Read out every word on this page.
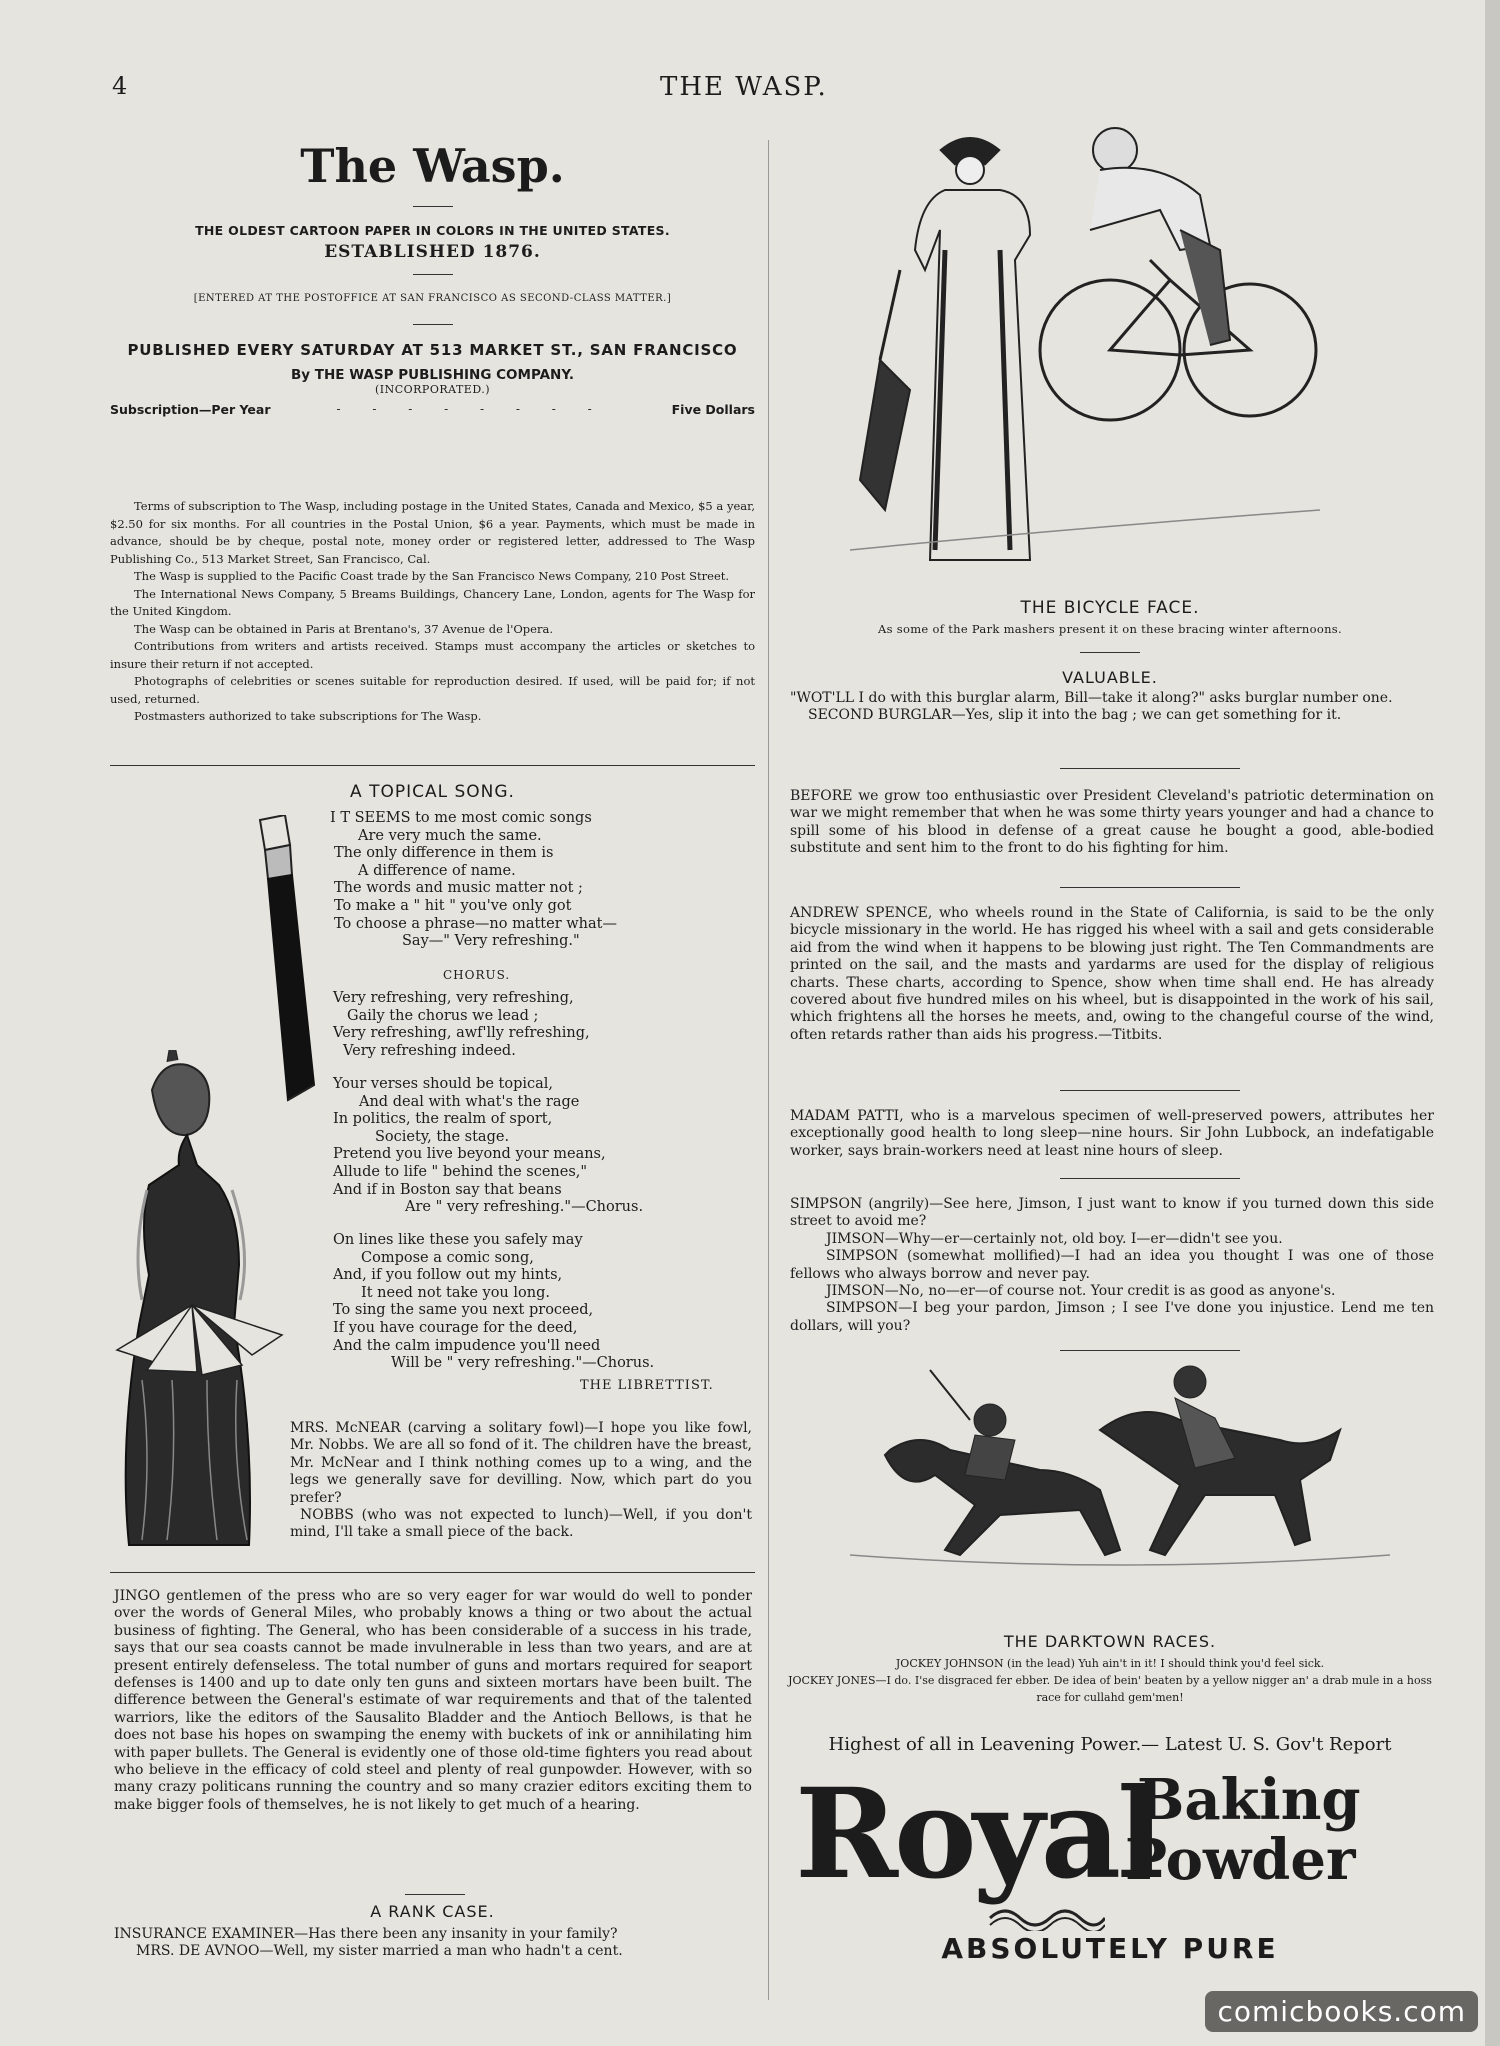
4	THE WASP.
The Wasp.
THE OLDEST CARTOON PAPER IN COLORS IN THE UNITED STATES.
ESTABLISHED 1876.
[ENTERED AT THE POSTOFFICE AT SAN FRANCISCO AS SECOND-CLASS MATTER.]
PUBLISHED EVERY SATURDAY AT 513 MARKET ST., SAN FRANCISCO
By THE WASP PUBLISHING COMPANY.
(INCORPORATED.)
Subscription—Per Year	- - - - - - - -	Five Dollars

Terms of subscription to The Wasp, including postage in the United States, Canada and Mexico, $5 a year, $2.50 for six months. For all countries in the Postal Union, $6 a year. Payments, which must be made in advance, should be by cheque, postal note, money order or registered letter, addressed to The Wasp Publishing Co., 513 Market Street, San Francisco, Cal.

The Wasp is supplied to the Pacific Coast trade by the San Francisco News Company, 210 Post Street.

The International News Company, 5 Breams Buildings, Chancery Lane, London, agents for The Wasp for the United Kingdom.

The Wasp can be obtained in Paris at Brentano's, 37 Avenue de l'Opera.

Contributions from writers and artists received. Stamps must accompany the articles or sketches to insure their return if not accepted.

Photographs of celebrities or scenes suitable for reproduction desired. If used, will be paid for; if not used, returned.

Postmasters authorized to take subscriptions for The Wasp.

A TOPICAL SONG.
I T SEEMS to me most comic songs
Are very much the same.
The only difference in them is
A difference of name.
The words and music matter not ;
To make a " hit " you've only got
To choose a phrase—no matter what—
Say—" Very refreshing."
CHORUS.
Very refreshing, very refreshing,
Gaily the chorus we lead ;
Very refreshing, awf'lly refreshing,
Very refreshing indeed.
Your verses should be topical,
And deal with what's the rage
In politics, the realm of sport,
Society, the stage.
Pretend you live beyond your means,
Allude to life " behind the scenes,"
And if in Boston say that beans
Are " very refreshing."—Chorus.
On lines like these you safely may
Compose a comic song,
And, if you follow out my hints,
It need not take you long.
To sing the same you next proceed,
If you have courage for the deed,
And the calm impudence you'll need
Will be " very refreshing."—Chorus.
THE LIBRETTIST.

MRS. McNEAR (carving a solitary fowl)—I hope you like fowl, Mr. Nobbs. We are all so fond of it. The children have the breast, Mr. McNear and I think nothing comes up to a wing, and the legs we generally save for devilling. Now, which part do you prefer?

NOBBS (who was not expected to lunch)—Well, if you don't mind, I'll take a small piece of the back.

JINGO gentlemen of the press who are so very eager for war would do well to ponder over the words of General Miles, who probably knows a thing or two about the actual business of fighting. The General, who has been considerable of a success in his trade, says that our sea coasts cannot be made invulnerable in less than two years, and are at present entirely defenseless. The total number of guns and mortars required for seaport defenses is 1400 and up to date only ten guns and sixteen mortars have been built. The difference between the General's estimate of war requirements and that of the talented warriors, like the editors of the Sausalito Bladder and the Antioch Bellows, is that he does not base his hopes on swamping the enemy with buckets of ink or annihilating him with paper bullets. The General is evidently one of those old-time fighters you read about who believe in the efficacy of cold steel and plenty of real gunpowder. However, with so many crazy politicans running the country and so many crazier editors exciting them to make bigger fools of themselves, he is not likely to get much of a hearing.

A RANK CASE.

INSURANCE EXAMINER—Has there been any insanity in your family?

MRS. DE AVNOO—Well, my sister married a man who hadn't a cent.

THE BICYCLE FACE.
As some of the Park mashers present it on these bracing winter afternoons.
VALUABLE.

"WOT'LL I do with this burglar alarm, Bill—take it along?" asks burglar number one.

SECOND BURGLAR—Yes, slip it into the bag ; we can get something for it.

BEFORE we grow too enthusiastic over President Cleveland's patriotic determination on war we might remember that when he was some thirty years younger and had a chance to spill some of his blood in defense of a great cause he bought a good, able-bodied substitute and sent him to the front to do his fighting for him.

ANDREW SPENCE, who wheels round in the State of California, is said to be the only bicycle missionary in the world. He has rigged his wheel with a sail and gets considerable aid from the wind when it happens to be blowing just right. The Ten Commandments are printed on the sail, and the masts and yardarms are used for the display of religious charts. These charts, according to Spence, show when time shall end. He has already covered about five hundred miles on his wheel, but is disappointed in the work of his sail, which frightens all the horses he meets, and, owing to the changeful course of the wind, often retards rather than aids his progress.—Titbits.

MADAM PATTI, who is a marvelous specimen of well-preserved powers, attributes her exceptionally good health to long sleep—nine hours. Sir John Lubbock, an indefatigable worker, says brain-workers need at least nine hours of sleep.

SIMPSON (angrily)—See here, Jimson, I just want to know if you turned down this side street to avoid me?

JIMSON—Why—er—certainly not, old boy. I—er—didn't see you.

SIMPSON (somewhat mollified)—I had an idea you thought I was one of those fellows who always borrow and never pay.

JIMSON—No, no—er—of course not. Your credit is as good as anyone's.

SIMPSON—I beg your pardon, Jimson ; I see I've done you injustice. Lend me ten dollars, will you?

THE DARKTOWN RACES.
JOCKEY JOHNSON (in the lead) Yuh ain't in it! I should think you'd feel sick.
JOCKEY JONES—I do. I'se disgraced fer ebber. De idea of bein' beaten by a yellow nigger an' a drab mule in a hoss race for cullahd gem'men!
Highest of all in Leavening Power.— Latest U. S. Gov't Report
Royal
Baking
Powder
ABSOLUTELY PURE
comicbooks.com
